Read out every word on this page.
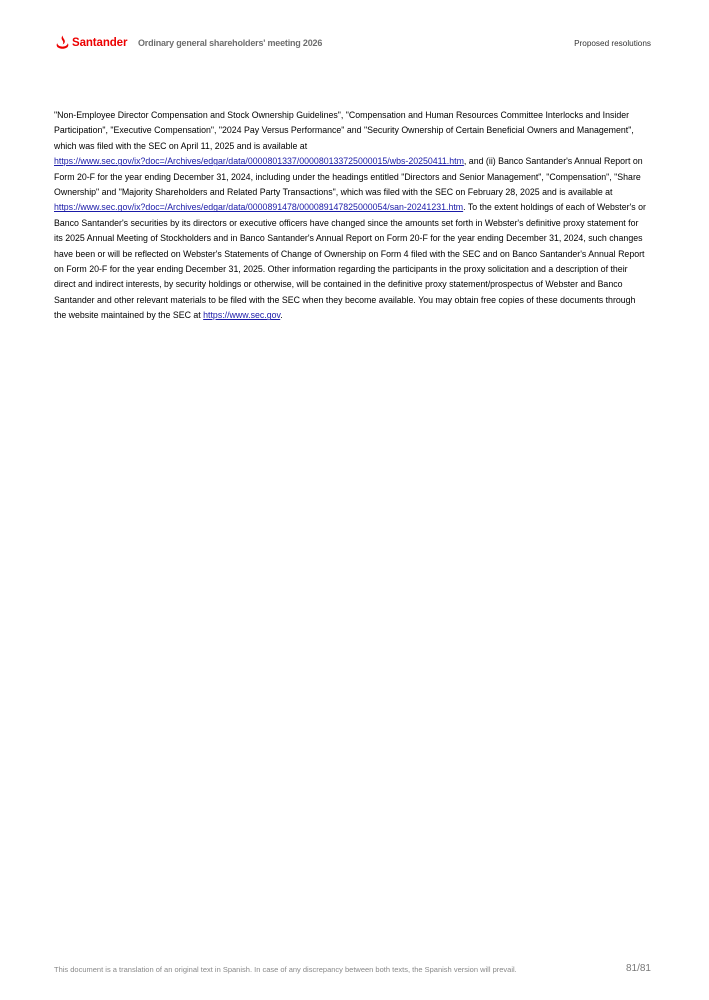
Santander Ordinary general shareholders' meeting 2026	Proposed resolutions

"Non-Employee Director Compensation and Stock Ownership Guidelines", "Compensation and Human Resources Committee Interlocks and Insider Participation", "Executive Compensation", "2024 Pay Versus Performance" and "Security Ownership of Certain Beneficial Owners and Management", which was filed with the SEC on April 11, 2025 and is available at
https://www.sec.gov/ix?doc=/Archives/edgar/data/0000801337/000080133725000015/wbs-20250411.htm, and (ii) Banco Santander's Annual Report on Form 20-F for the year ending December 31, 2024, including under the headings entitled "Directors and Senior Management", "Compensation", "Share Ownership" and "Majority Shareholders and Related Party Transactions", which was filed with the SEC on February 28, 2025 and is available at
https://www.sec.gov/ix?doc=/Archives/edgar/data/0000891478/000089147825000054/san-20241231.htm. To the extent holdings of each of Webster's or Banco Santander's securities by its directors or executive officers have changed since the amounts set forth in Webster's definitive proxy statement for its 2025 Annual Meeting of Stockholders and in Banco Santander's Annual Report on Form 20-F for the year ending December 31, 2024, such changes have been or will be reflected on Webster's Statements of Change of Ownership on Form 4 filed with the SEC and on Banco Santander's Annual Report on Form 20-F for the year ending December 31, 2025. Other information regarding the participants in the proxy solicitation and a description of their direct and indirect interests, by security holdings or otherwise, will be contained in the definitive proxy statement/prospectus of Webster and Banco Santander and other relevant materials to be filed with the SEC when they become available. You may obtain free copies of these documents through the website maintained by the SEC at https://www.sec.gov.

This document is a translation of an original text in Spanish. In case of any discrepancy between both texts, the Spanish version will prevail.	81/81
